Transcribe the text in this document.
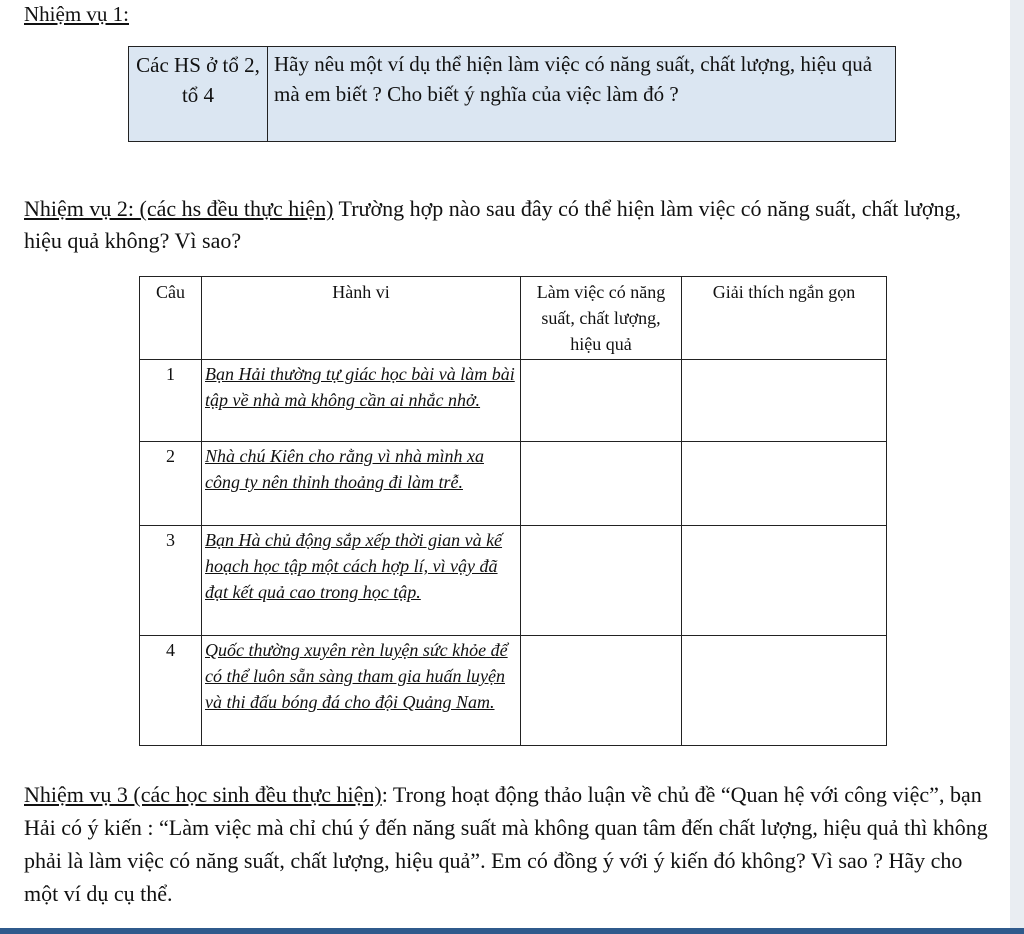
Nhiệm vụ 1:
Các HS ở tổ 2, tổ 4
Hãy nêu một ví dụ thể hiện làm việc có năng suất, chất lượng, hiệu quả mà em biết ? Cho biết ý nghĩa của việc làm đó ?
Nhiệm vụ 2: (các hs đều thực hiện) Trường hợp nào sau đây có thể hiện làm việc có năng suất, chất lượng, hiệu quả không? Vì sao?
Câu	Hành vi	Làm việc có năng suất, chất lượng, hiệu quả	Giải thích ngắn gọn
1	Bạn Hải thường tự giác học bài và làm bài tập về nhà mà không cần ai nhắc nhở.		
2	Nhà chú Kiên cho rằng vì nhà mình xa công ty nên thỉnh thoảng đi làm trễ.		
3	Bạn Hà chủ động sắp xếp thời gian và kế hoạch học tập một cách hợp lí, vì vậy đã đạt kết quả cao trong học tập.		
4	Quốc thường xuyên rèn luyện sức khỏe để có thể luôn sẵn sàng tham gia huấn luyện và thi đấu bóng đá cho đội Quảng Nam.		
Nhiệm vụ 3 (các học sinh đều thực hiện): Trong hoạt động thảo luận về chủ đề “Quan hệ với công việc”, bạn Hải có ý kiến : “Làm việc mà chỉ chú ý đến năng suất mà không quan tâm đến chất lượng, hiệu quả thì không phải là làm việc có năng suất, chất lượng, hiệu quả”. Em có đồng ý với ý kiến đó không? Vì sao ? Hãy cho một ví dụ cụ thể.
